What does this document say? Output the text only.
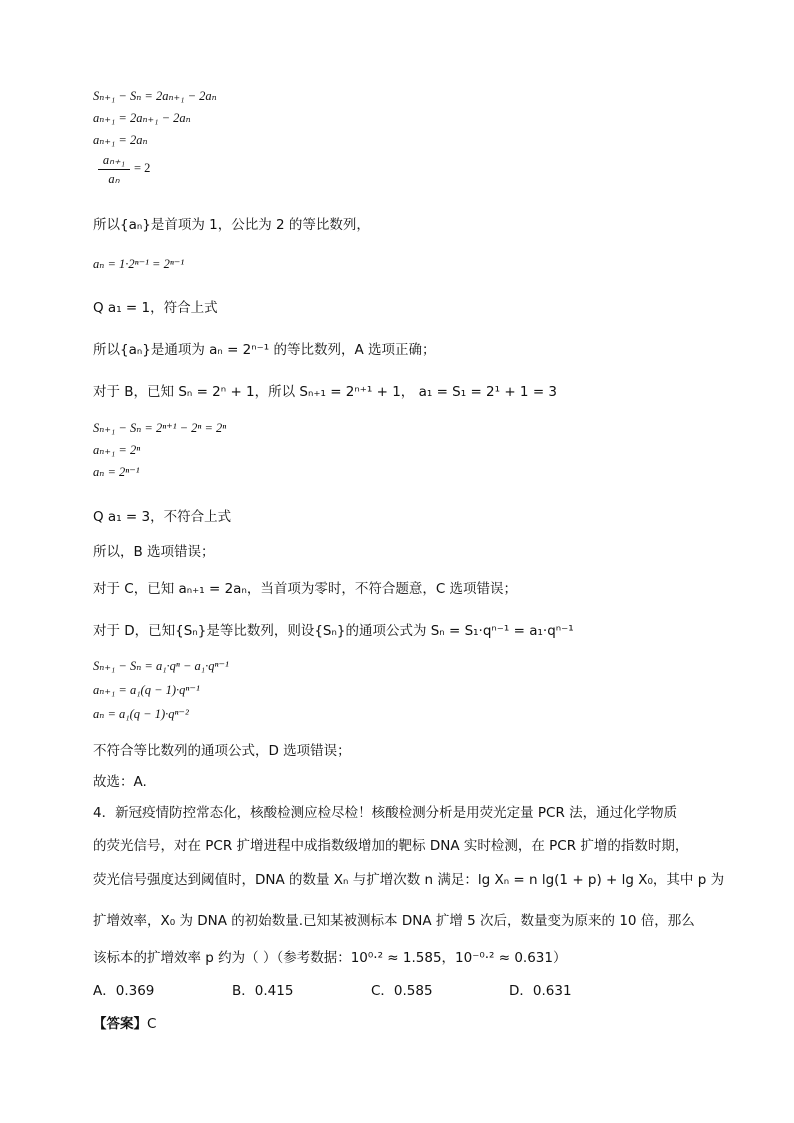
Sₙ₊₁ − Sₙ = 2aₙ₊₁ − 2aₙ
aₙ₊₁ = 2aₙ₊₁ − 2aₙ
aₙ₊₁ = 2aₙ
aₙ₊₁
aₙ
= 2
所以{aₙ}是首项为 1，公比为 2 的等比数列，
aₙ = 1·2ⁿ⁻¹ = 2ⁿ⁻¹
Q a₁ = 1，符合上式
所以{aₙ}是通项为 aₙ = 2ⁿ⁻¹ 的等比数列，A 选项正确；
对于 B，已知 Sₙ = 2ⁿ + 1，所以 Sₙ₊₁ = 2ⁿ⁺¹ + 1， a₁ = S₁ = 2¹ + 1 = 3
Sₙ₊₁ − Sₙ = 2ⁿ⁺¹ − 2ⁿ = 2ⁿ
aₙ₊₁ = 2ⁿ
aₙ = 2ⁿ⁻¹
Q a₁ = 3，不符合上式
所以，B 选项错误；
对于 C，已知 aₙ₊₁ = 2aₙ，当首项为零时，不符合题意，C 选项错误；
对于 D，已知{Sₙ}是等比数列，则设{Sₙ}的通项公式为 Sₙ = S₁·qⁿ⁻¹ = a₁·qⁿ⁻¹
Sₙ₊₁ − Sₙ = a₁·qⁿ − a₁·qⁿ⁻¹
aₙ₊₁ = a₁(q − 1)·qⁿ⁻¹
aₙ = a₁(q − 1)·qⁿ⁻²
不符合等比数列的通项公式，D 选项错误；
故选：A.
4．新冠疫情防控常态化，核酸检测应检尽检！核酸检测分析是用荧光定量 PCR 法，通过化学物质
的荧光信号，对在 PCR 扩增进程中成指数级增加的靶标 DNA 实时检测，在 PCR 扩增的指数时期，
荧光信号强度达到阈值时，DNA 的数量 Xₙ 与扩增次数 n 满足：lg Xₙ = n lg(1 + p) + lg X₀，其中 p 为
扩增效率，X₀ 为 DNA 的初始数量.已知某被测标本 DNA 扩增 5 次后，数量变为原来的 10 倍，那么
该标本的扩增效率 p 约为（ ）（参考数据：10⁰·² ≈ 1.585，10⁻⁰·² ≈ 0.631）
A．0.369	B．0.415	C．0.585	D．0.631
【答案】C
